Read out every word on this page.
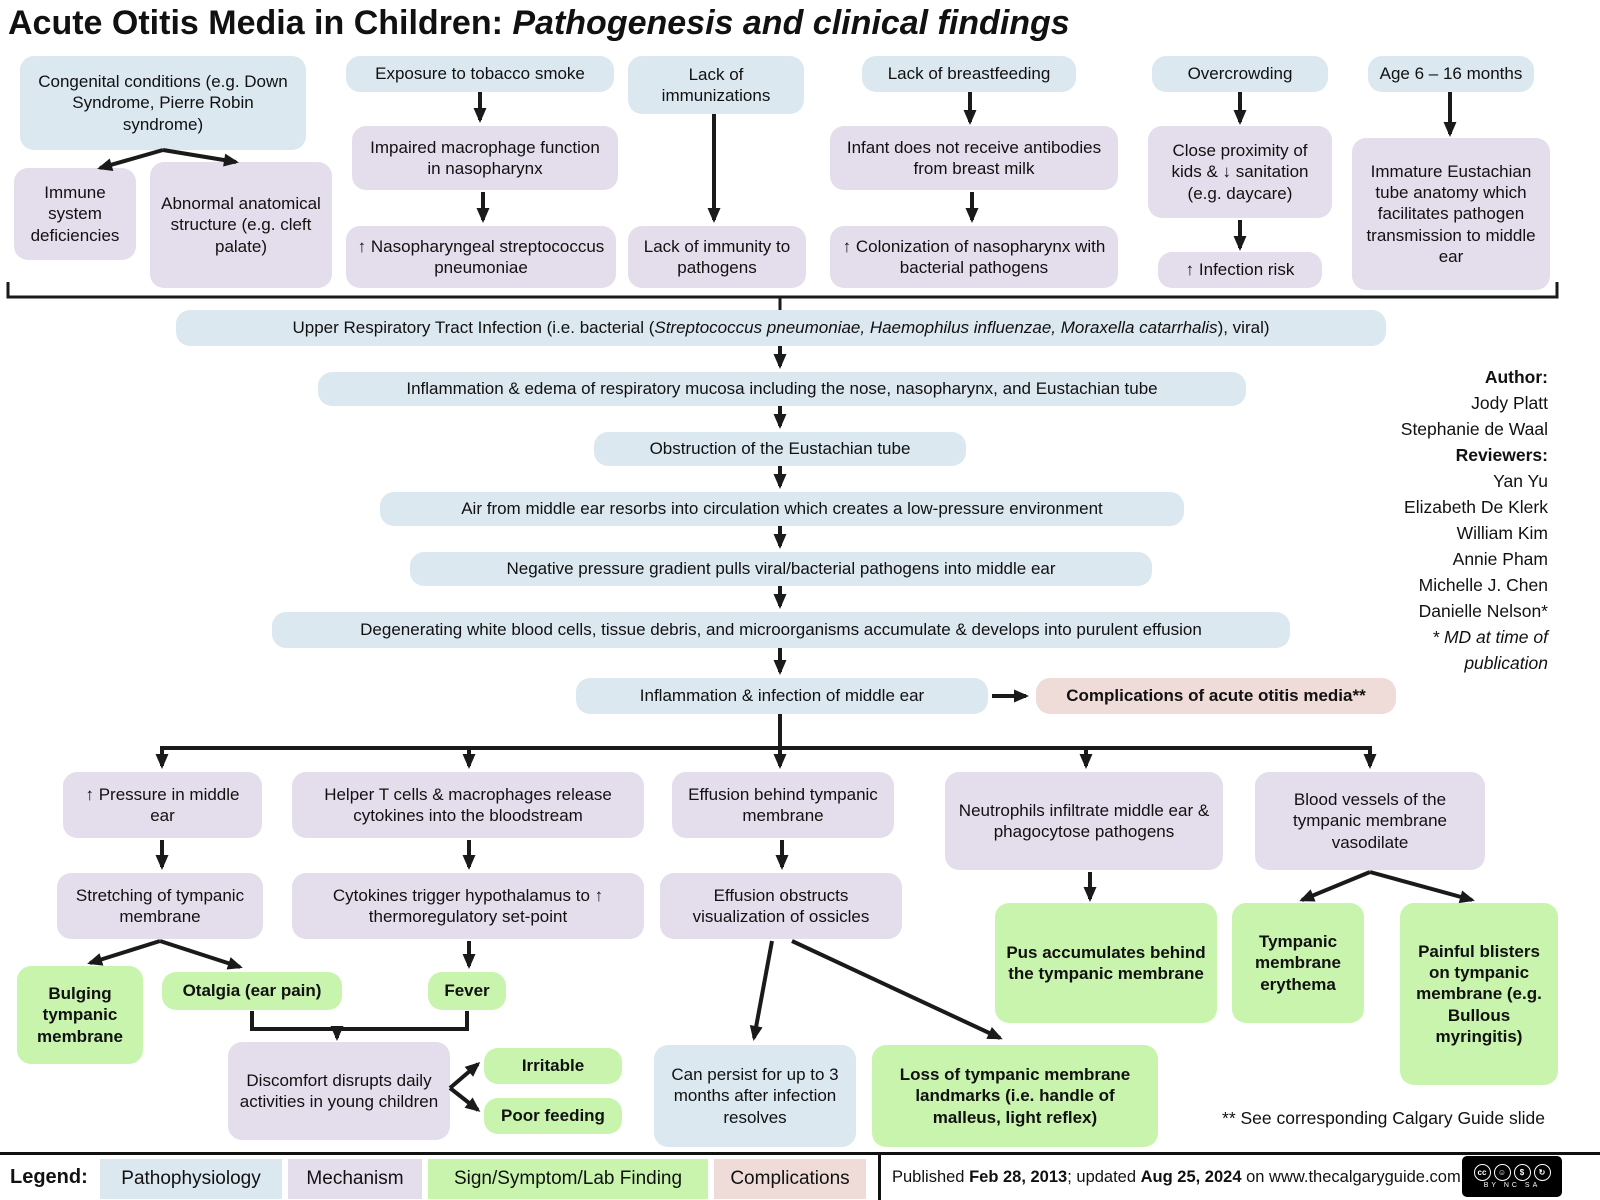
Acute Otitis Media in Children: Pathogenesis and clinical findings
Congenital conditions (e.g. Down Syndrome, Pierre Robin syndrome)
Exposure to tobacco smoke	Lack of immunizations
Lack of breastfeeding	Overcrowding	Age 6 – 16 months
Immune system deficiencies
Abnormal anatomical structure (e.g. cleft palate)
Impaired macrophage function in nasopharynx
↑ Nasopharyngeal streptococcus pneumoniae
Lack of immunity to pathogens
Infant does not receive antibodies from breast milk
↑ Colonization of nasopharynx with bacterial pathogens
Close proximity of kids & ↓ sanitation (e.g. daycare)
↑ Infection risk
Immature Eustachian tube anatomy which facilitates pathogen transmission to middle ear
Upper Respiratory Tract Infection (i.e. bacterial ( Streptococcus pneumoniae, Haemophilus influenzae, Moraxella catarrhalis ), viral)
Inflammation & edema of respiratory mucosa including the nose, nasopharynx, and Eustachian tube
Obstruction of the Eustachian tube
Air from middle ear resorbs into circulation which creates a low-pressure environment
Negative pressure gradient pulls viral/bacterial pathogens into middle ear
Degenerating white blood cells, tissue debris, and microorganisms accumulate & develops into purulent effusion
Inflammation & infection of middle ear	Complications of acute otitis media**
↑ Pressure in middle ear
Helper T cells & macrophages release cytokines into the bloodstream
Effusion behind tympanic membrane	Neutrophils infiltrate middle ear & phagocytose pathogens
Blood vessels of the tympanic membrane vasodilate
Stretching of tympanic membrane
Cytokines trigger hypothalamus to ↑ thermoregulatory set-point
Effusion obstructs visualization of ossicles
Pus accumulates behind the tympanic membrane
Tympanic membrane erythema
Painful blisters on tympanic membrane (e.g. Bullous myringitis)
Bulging tympanic membrane
Otalgia (ear pain)	Fever
Discomfort disrupts daily activities in young children
Irritable
Poor feeding
Can persist for up to 3 months after infection resolves
Loss of tympanic membrane landmarks (i.e. handle of malleus, light reflex)
Author:
Jody Platt
Stephanie de Waal
Reviewers:
Yan Yu
Elizabeth De Klerk
William Kim
Annie Pham
Michelle J. Chen
Danielle Nelson*
* MD at time of
publication
** See corresponding Calgary Guide slide
Legend:	Pathophysiology	Mechanism	Sign/Symptom/Lab Finding	Complications	Published Feb 28, 2013; updated Aug 25, 2024 on www.thecalgaryguide.com	cc	☺	$	↻
BY NC SA
